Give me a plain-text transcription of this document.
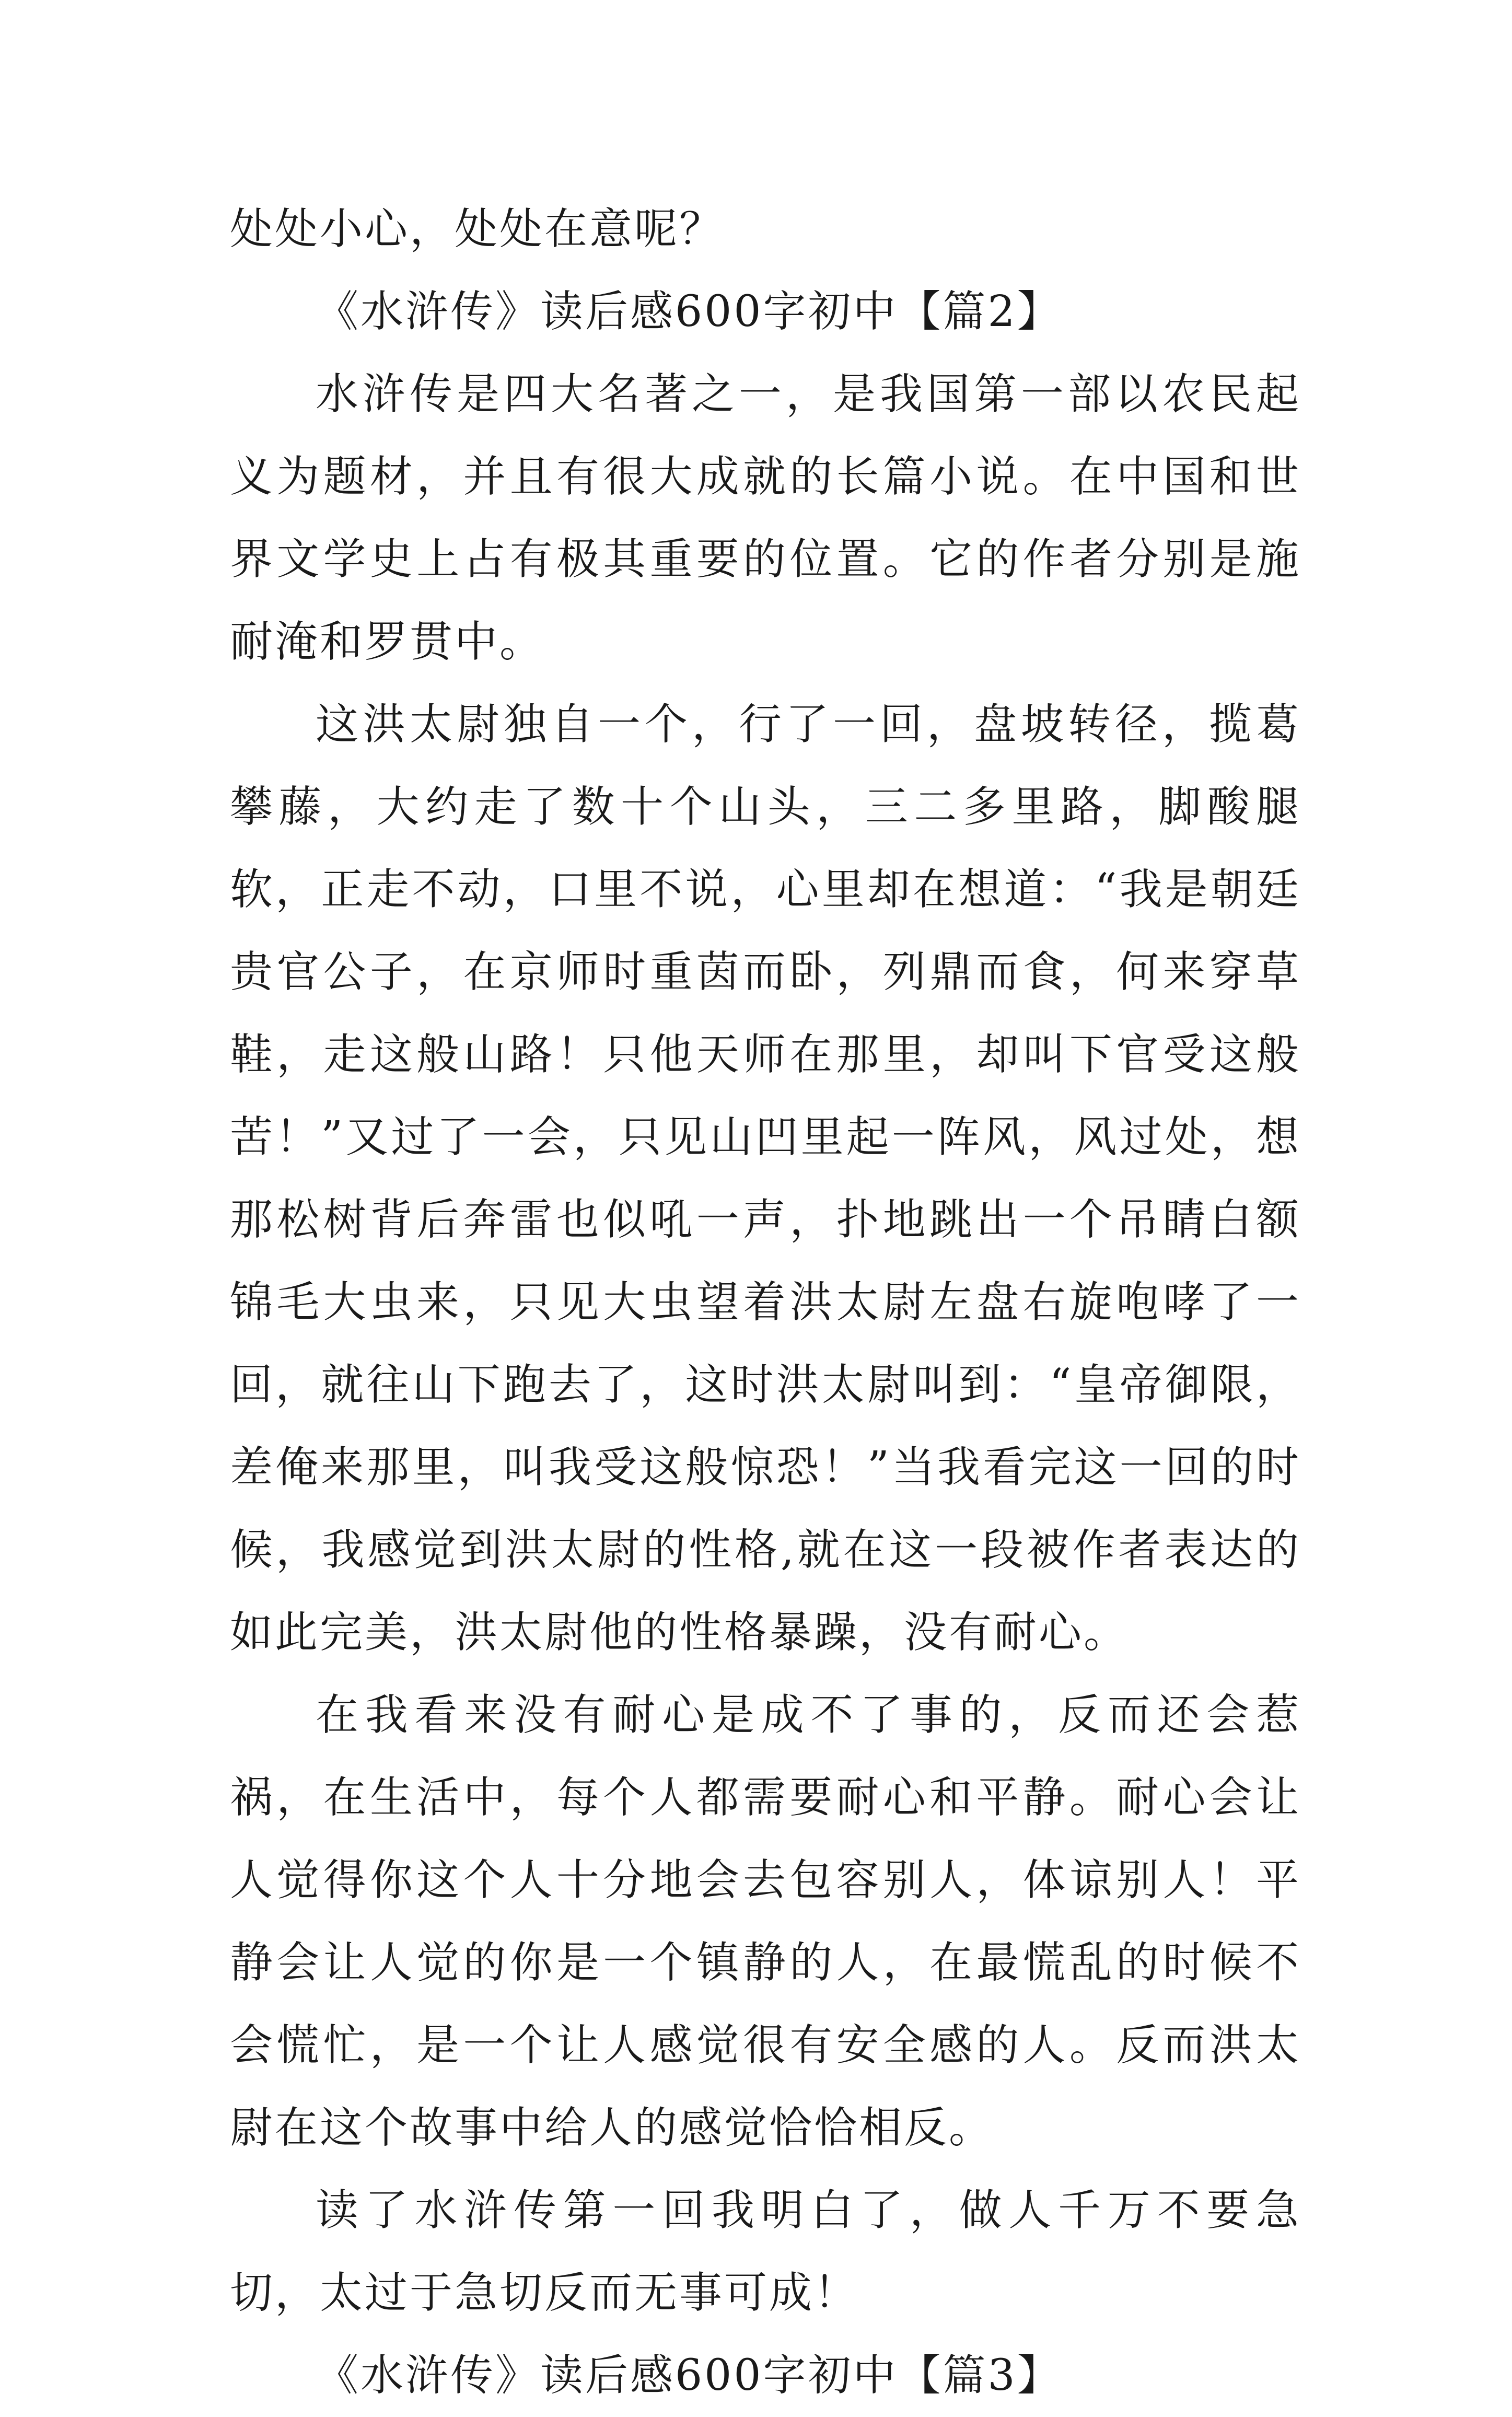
处处小心，处处在意呢？

《水浒传》读后感600字初中【篇2】

水浒传是四大名著之一，是我国第一部以农民起义为题材，并且有很大成就的长篇小说。在中国和世界文学史上占有极其重要的位置。它的作者分别是施耐淹和罗贯中。

这洪太尉独自一个，行了一回，盘坡转径，揽葛攀藤，大约走了数十个山头，三二多里路，脚酸腿软，正走不动，口里不说，心里却在想道：“我是朝廷贵官公子，在京师时重茵而卧，列鼎而食，何来穿草鞋，走这般山路！只他天师在那里，却叫下官受这般苦！”又过了一会，只见山凹里起一阵风，风过处，想那松树背后奔雷也似吼一声，扑地跳出一个吊睛白额锦毛大虫来，只见大虫望着洪太尉左盘右旋咆哮了一回，就往山下跑去了，这时洪太尉叫到：“皇帝御限，差俺来那里，叫我受这般惊恐！”当我看完这一回的时候，我感觉到洪太尉的性格,就在这一段被作者表达的如此完美，洪太尉他的性格暴躁，没有耐心。

在我看来没有耐心是成不了事的，反而还会惹祸，在生活中，每个人都需要耐心和平静。耐心会让人觉得你这个人十分地会去包容别人，体谅别人！平静会让人觉的你是一个镇静的人，在最慌乱的时候不会慌忙，是一个让人感觉很有安全感的人。反而洪太尉在这个故事中给人的感觉恰恰相反。

读了水浒传第一回我明白了，做人千万不要急切，太过于急切反而无事可成！

《水浒传》读后感600字初中【篇3】
